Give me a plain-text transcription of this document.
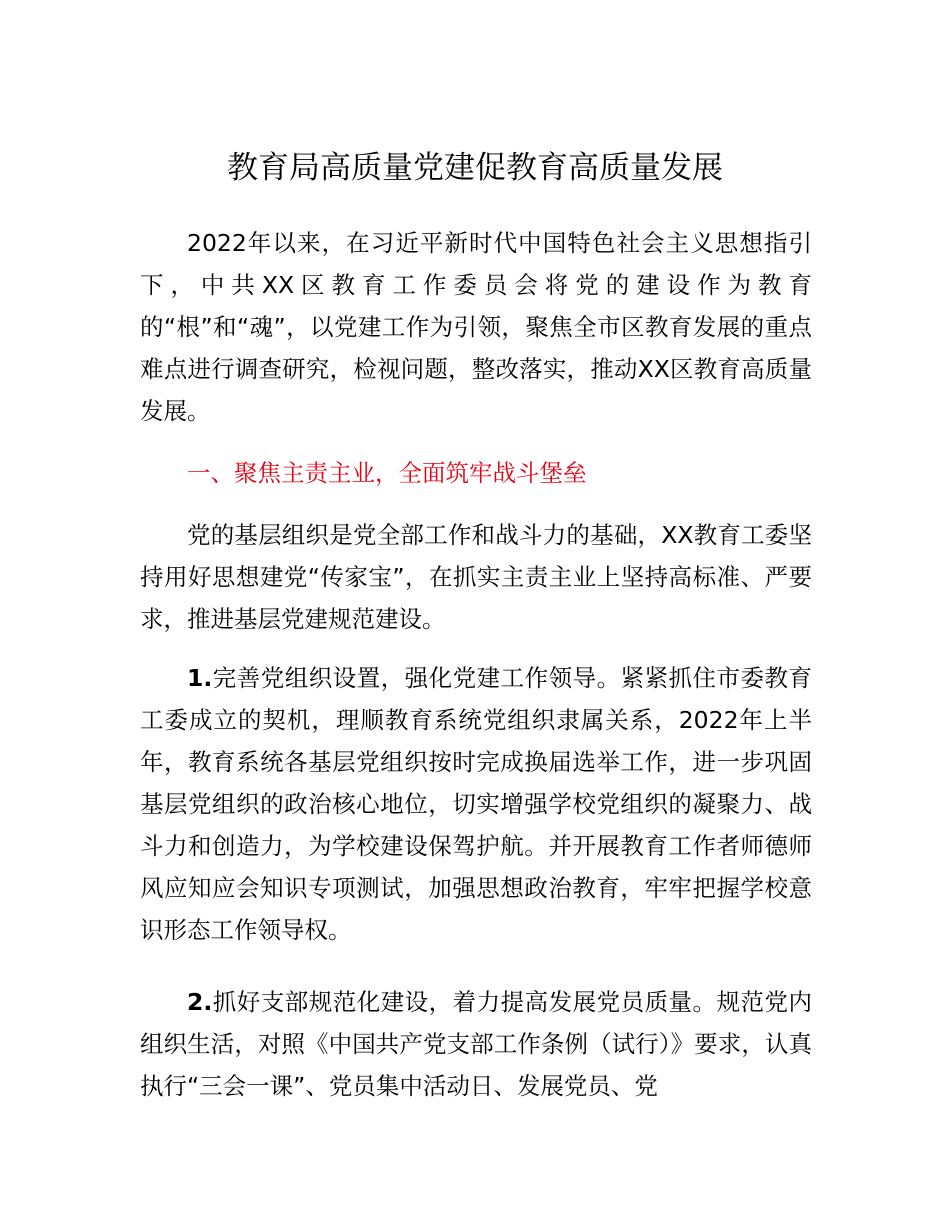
教育局高质量党建促教育高质量发展

2022年以来，在习近平新时代中国特色社会主义思想指引下，中共XX区教育工作委员会将党的建设作为教育的“根”和“魂”，以党建工作为引领，聚焦全市区教育发展的重点难点进行调查研究，检视问题，整改落实，推动XX区教育高质量发展。

一、聚焦主责主业，全面筑牢战斗堡垒

党的基层组织是党全部工作和战斗力的基础，XX教育工委坚持用好思想建党“传家宝”，在抓实主责主业上坚持高标准、严要求，推进基层党建规范建设。

1.完善党组织设置，强化党建工作领导。紧紧抓住市委教育工委成立的契机，理顺教育系统党组织隶属关系，2022年上半年，教育系统各基层党组织按时完成换届选举工作，进一步巩固基层党组织的政治核心地位，切实增强学校党组织的凝聚力、战斗力和创造力，为学校建设保驾护航。并开展教育工作者师德师风应知应会知识专项测试，加强思想政治教育，牢牢把握学校意识形态工作领导权。

2.抓好支部规范化建设，着力提高发展党员质量。规范党内组织生活，对照《中国共产党支部工作条例（试行）》要求，认真执行“三会一课”、党员集中活动日、发展党员、党
